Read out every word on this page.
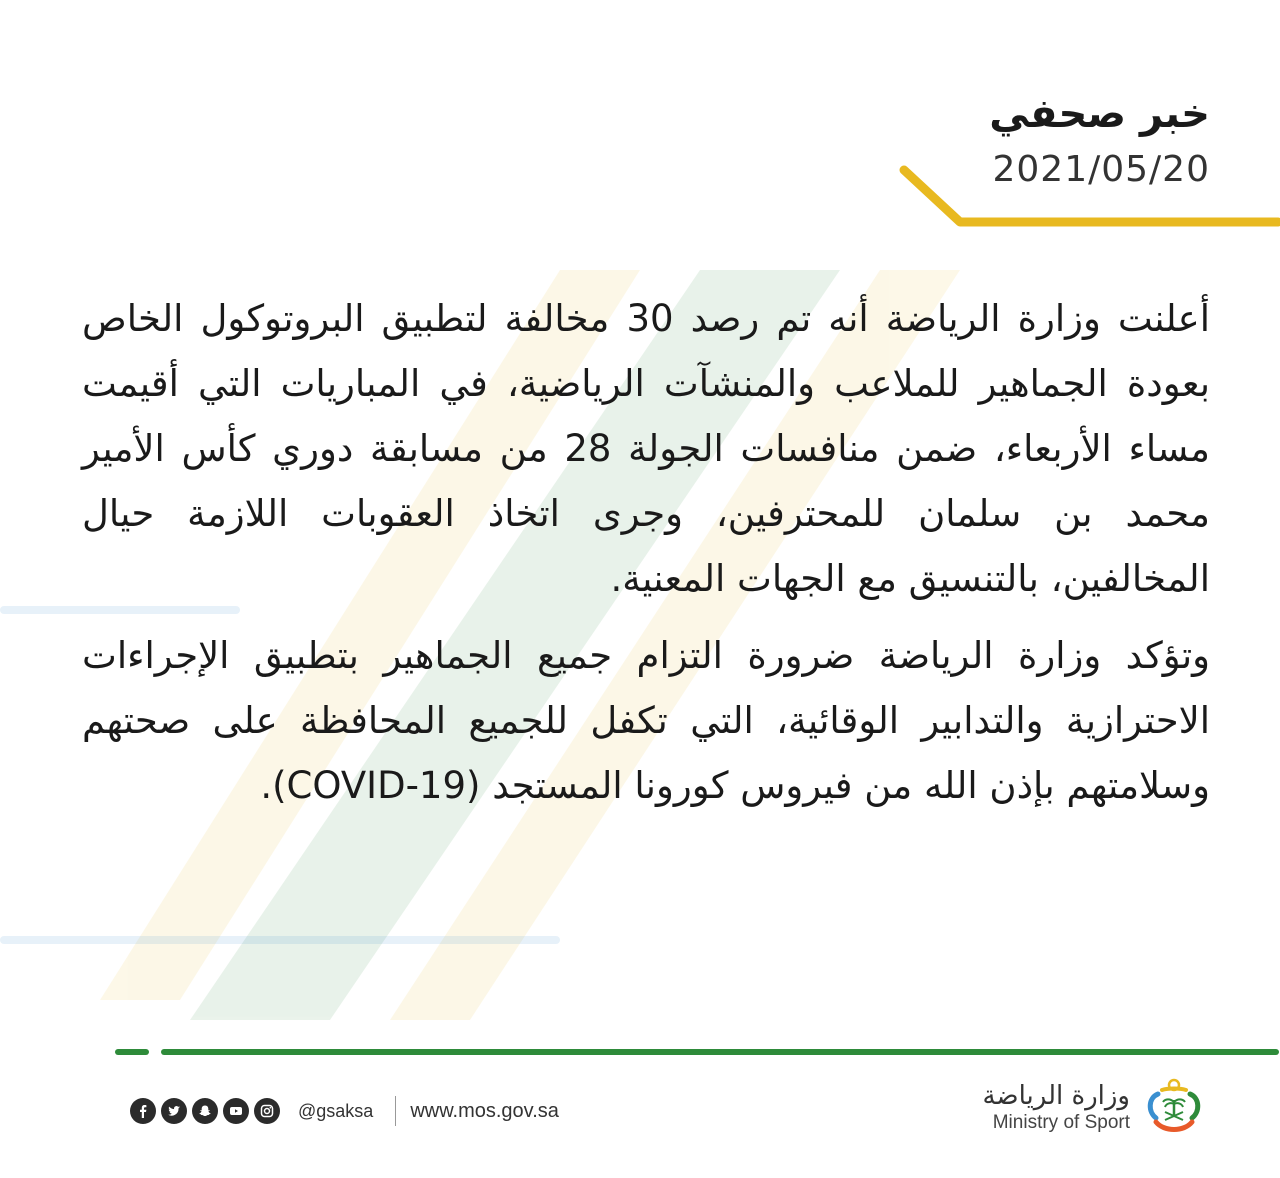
خبر صحفي
2021/05/20

أعلنت وزارة الرياضة أنه تم رصد 30 مخالفة لتطبيق البروتوكول الخاص بعودة الجماهير للملاعب والمنشآت الرياضية، في المباريات التي أقيمت مساء الأربعاء، ضمن منافسات الجولة 28 من مسابقة دوري كأس الأمير محمد بن سلمان للمحترفين، وجرى اتخاذ العقوبات اللازمة حيال المخالفين، بالتنسيق مع الجهات المعنية.

وتؤكد وزارة الرياضة ضرورة التزام جميع الجماهير بتطبيق الإجراءات الاحترازية والتدابير الوقائية، التي تكفل للجميع المحافظة على صحتهم وسلامتهم بإذن الله من فيروس كورونا المستجد (COVID-19).

@gsaksa www.mos.gov.sa	وزارة الرياضة
Ministry of Sport
